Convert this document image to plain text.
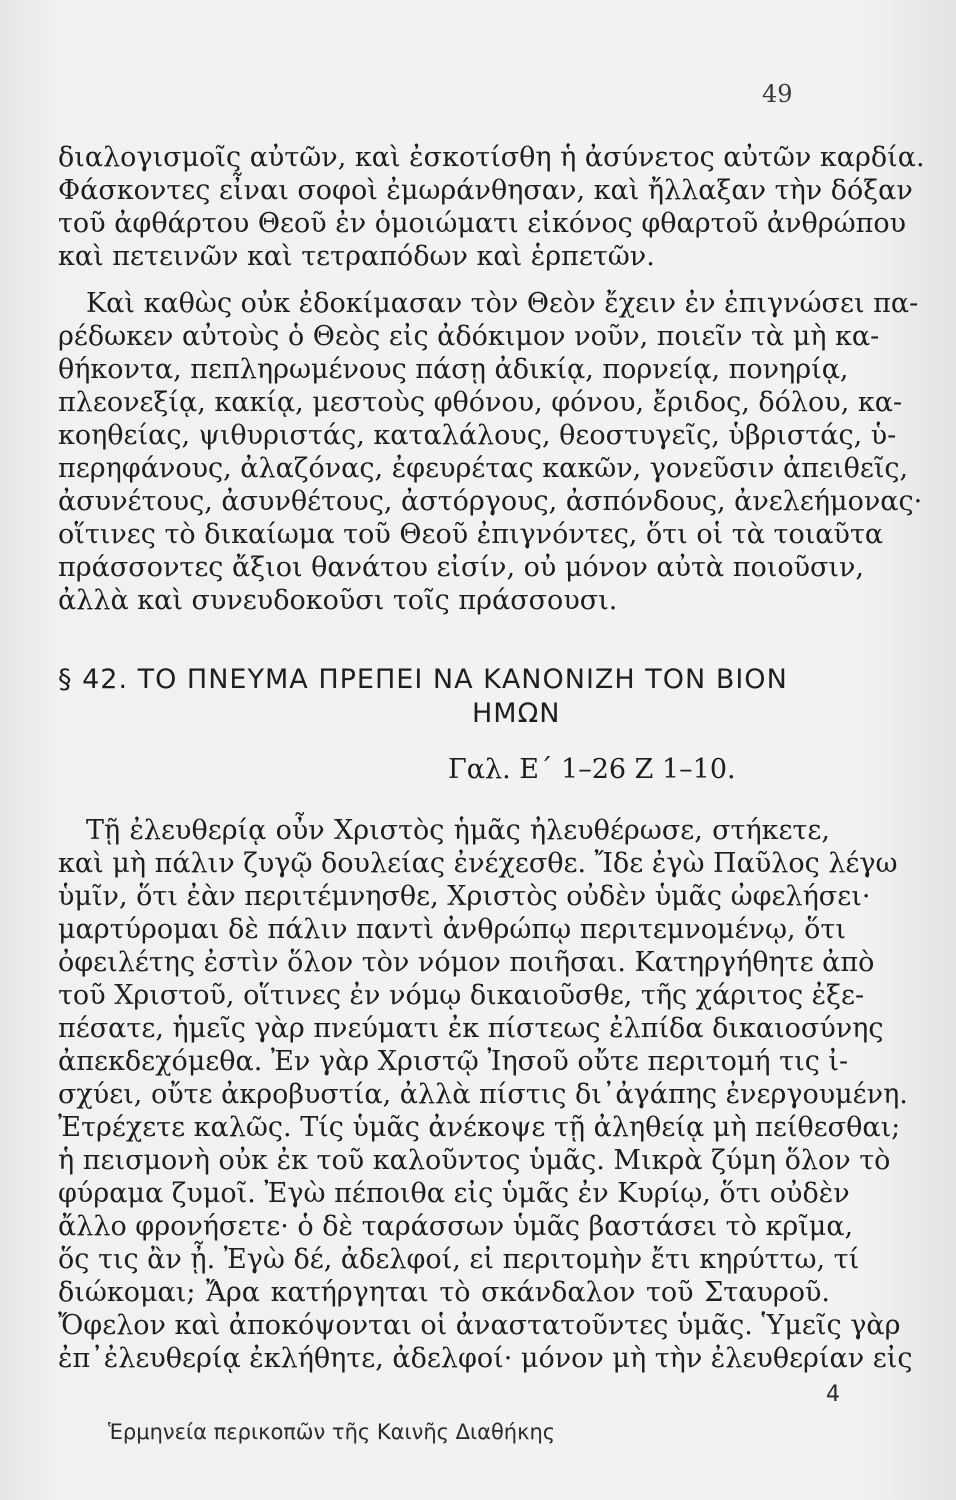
49
διαλογισμοῖς αὐτῶν, καὶ ἐσκοτίσθη ἡ ἀσύνετος αὐτῶν καρδία.
Φάσκοντες εἶναι σοφοὶ ἐμωράνθησαν, καὶ ἤλλαξαν τὴν δόξαν
τοῦ ἀφθάρτου Θεοῦ ἐν ὁμοιώματι εἰκόνος φθαρτοῦ ἀνθρώπου
καὶ πετεινῶν καὶ τετραπόδων καὶ ἑρπετῶν.
Καὶ καθὼς οὐκ ἐδοκίμασαν τὸν Θεὸν ἔχειν ἐν ἐπιγνώσει πα-
ρέδωκεν αὐτοὺς ὁ Θεὸς εἰς ἀδόκιμον νοῦν, ποιεῖν τὰ μὴ κα-
θήκοντα, πεπληρωμένους πάσῃ ἀδικίᾳ, πορνείᾳ, πονηρίᾳ,
πλεονεξίᾳ, κακίᾳ, μεστοὺς φθόνου, φόνου, ἔριδος, δόλου, κα-
κοηθείας, ψιθυριστάς, καταλάλους, θεοστυγεῖς, ὑβριστάς, ὑ-
περηφάνους, ἀλαζόνας, ἐφευρέτας κακῶν, γονεῦσιν ἀπειθεῖς,
ἀσυνέτους, ἀσυνθέτους, ἀστόργους, ἀσπόνδους, ἀνελεήμονας·
οἵτινες τὸ δικαίωμα τοῦ Θεοῦ ἐπιγνόντες, ὅτι οἱ τὰ τοιαῦτα
πράσσοντες ἄξιοι θανάτου εἰσίν, οὐ μόνον αὐτὰ ποιοῦσιν,
ἀλλὰ καὶ συνευδοκοῦσι τοῖς πράσσουσι.
§ 42. ΤΟ ΠΝΕΥΜΑ ΠΡΕΠΕΙ ΝΑ ΚΑΝΟΝΙΖΗ ΤΟΝ ΒΙΟΝ
ΗΜΩΝ
Γαλ. Ε΄ 1–26 Ζ 1–10.
Τῇ ἐλευθερίᾳ οὖν Χριστὸς ἡμᾶς ἠλευθέρωσε, στήκετε,
καὶ μὴ πάλιν ζυγῷ δουλείας ἐνέχεσθε. Ἴδε ἐγὼ Παῦλος λέγω
ὑμῖν, ὅτι ἐὰν περιτέμνησθε, Χριστὸς οὐδὲν ὑμᾶς ὠφελήσει·
μαρτύρομαι δὲ πάλιν παντὶ ἀνθρώπῳ περιτεμνομένῳ, ὅτι
ὀφειλέτης ἐστὶν ὅλον τὸν νόμον ποιῆσαι. Κατηργήθητε ἀπὸ
τοῦ Χριστοῦ, οἵτινες ἐν νόμῳ δικαιοῦσθε, τῆς χάριτος ἐξε-
πέσατε, ἡμεῖς γὰρ πνεύματι ἐκ πίστεως ἐλπίδα δικαιοσύνης
ἀπεκδεχόμεθα. Ἐν γὰρ Χριστῷ Ἰησοῦ οὔτε περιτομή τις ἰ-
σχύει, οὔτε ἀκροβυστία, ἀλλὰ πίστις δι᾽ἀγάπης ἐνεργουμένη.
Ἐτρέχετε καλῶς. Τίς ὑμᾶς ἀνέκοψε τῇ ἀληθείᾳ μὴ πείθεσθαι;
ἡ πεισμονὴ οὐκ ἐκ τοῦ καλοῦντος ὑμᾶς. Μικρὰ ζύμη ὅλον τὸ
φύραμα ζυμοῖ. Ἐγὼ πέποιθα εἰς ὑμᾶς ἐν Κυρίῳ, ὅτι οὐδὲν
ἄλλο φρονήσετε· ὁ δὲ ταράσσων ὑμᾶς βαστάσει τὸ κρῖμα,
ὅς τις ἂν ᾖ. Ἐγὼ δέ, ἀδελφοί, εἰ περιτομὴν ἔτι κηρύττω, τί
διώκομαι; Ἄρα κατήργηται τὸ σκάνδαλον τοῦ Σταυροῦ.
Ὄφελον καὶ ἀποκόψονται οἱ ἀναστατοῦντες ὑμᾶς. Ὑμεῖς γὰρ
ἐπ᾽ἐλευθερίᾳ ἐκλήθητε, ἀδελφοί· μόνον μὴ τὴν ἐλευθερίαν εἰς
4
Ἑρμηνεία περικοπῶν τῆς Καινῆς Διαθήκης
